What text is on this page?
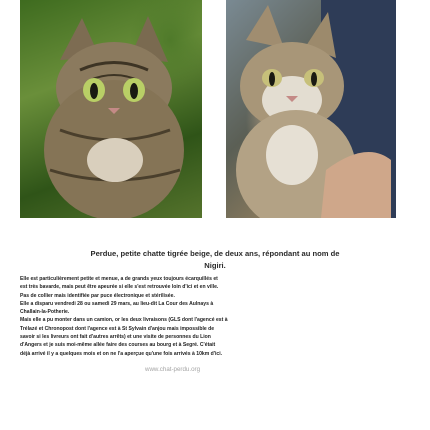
Perdue, petite chatte tigrée beige, de deux ans, répondant au nom de
Nigiri.
Elle est particulièrement petite et menue, a de grands yeux toujours écarquillés et
est très bavarde, mais peut être apeurée si elle s'est retrouvée loin d'ici et en ville.
Pas de collier mais identifiée par puce électronique et stérilisée.
Elle a disparu vendredi 28 ou samedi 29 mars, au lieu-dit La Cour des Aulnays à
Challain-la-Potherie.
Mais elle a pu monter dans un camion, or les deux livraisons (GLS dont l'agencé est à
Trélazé et Chronopost dont l'agence est à St Sylvain d'anjou mais impossible de
savoir si les livreurs ont fait d'autres arrêts) et une visite de personnes du Lion
d'Angers et je suis moi-même allée faire des courses au bourg et à Segré. C'était
déjà arrivé il y a quelques mois et on ne l'a aperçue qu'une fois arrivés à 10km d'ici.
www.chat-perdu.org
